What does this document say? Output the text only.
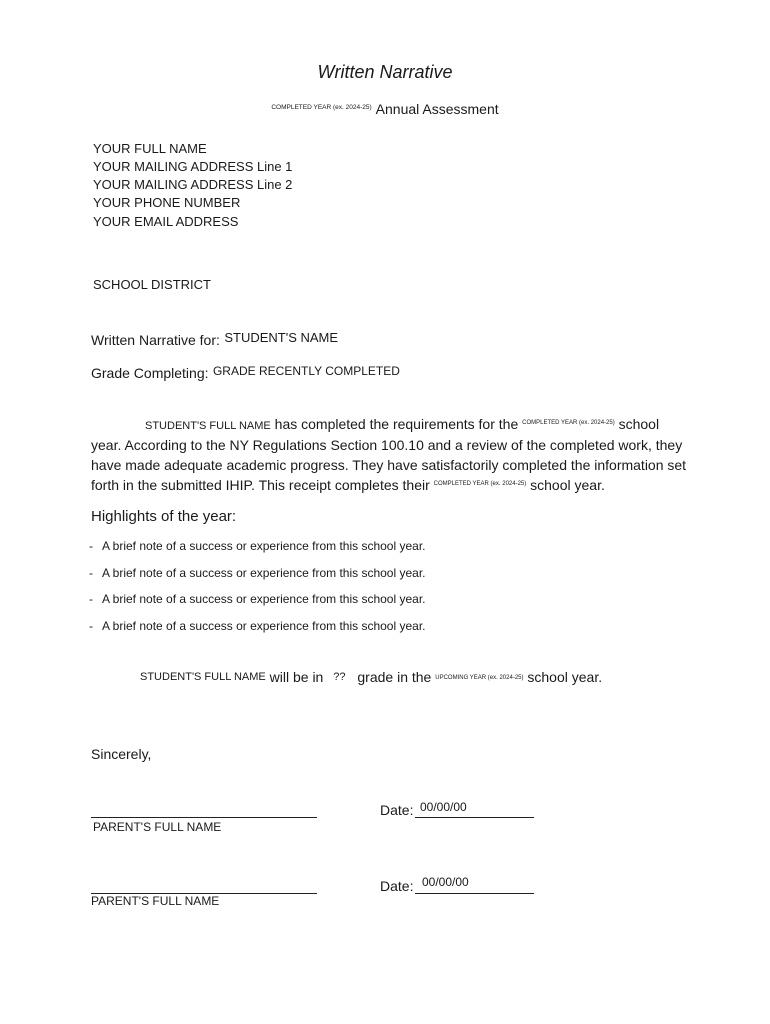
Written Narrative
$^{COMPLETED YEAR (ex. 2024-25)}$ Annual Assessment
YOUR FULL NAME
YOUR MAILING ADDRESS Line 1
YOUR MAILING ADDRESS Line 2
YOUR PHONE NUMBER
YOUR EMAIL ADDRESS
SCHOOL DISTRICT
Written Narrative for: STUDENT'S NAME
Grade Completing: GRADE RECENTLY COMPLETED
STUDENT'S FULL NAME has completed the requirements for the $^{COMPLETED YEAR (ex. 2024-25)}$ school year. According to the NY Regulations Section 100.10 and a review of the completed work, they have made adequate academic progress. They have satisfactorily completed the information set forth in the submitted IHIP. This receipt completes their $^{COMPLETED YEAR (ex. 2024-25)}$ school year.
Highlights of the year:
- A brief note of a success or experience from this school year.
- A brief note of a success or experience from this school year.
- A brief note of a success or experience from this school year.
- A brief note of a success or experience from this school year.
STUDENT'S FULL NAME will be in ?? grade in the $^{UPCOMING YEAR (ex. 2024-25)}$ school year.
Sincerely,
PARENT'S FULL NAME
Date: 00/00/00
PARENT'S FULL NAME
Date: 00/00/00
